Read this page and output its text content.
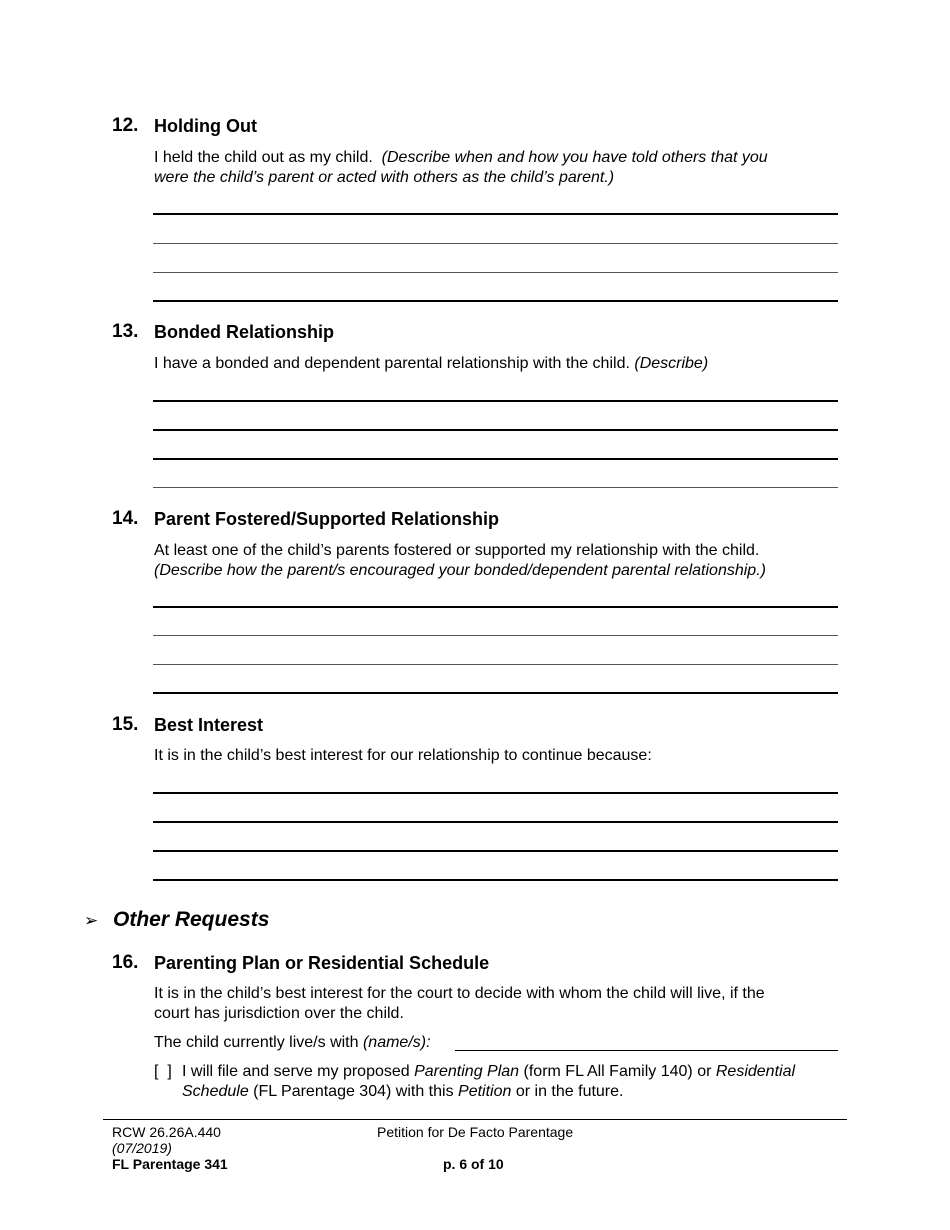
12. Holding Out
I held the child out as my child. (Describe when and how you have told others that you
were the child’s parent or acted with others as the child’s parent.)
13. Bonded Relationship
I have a bonded and dependent parental relationship with the child. (Describe)
14. Parent Fostered/Supported Relationship
At least one of the child’s parents fostered or supported my relationship with the child.
(Describe how the parent/s encouraged your bonded/dependent parental relationship.)
15. Best Interest
It is in the child’s best interest for our relationship to continue because:
➢ Other Requests
16. Parenting Plan or Residential Schedule
It is in the child’s best interest for the court to decide with whom the child will live, if the
court has jurisdiction over the child.
The child currently live/s with (name/s):
[  ] I will file and serve my proposed Parenting Plan (form FL All Family 140) or Residential
Schedule (FL Parentage 304) with this Petition or in the future.
RCW 26.26A.440
(07/2019)
FL Parentage 341
Petition for De Facto Parentage
p. 6 of 10
